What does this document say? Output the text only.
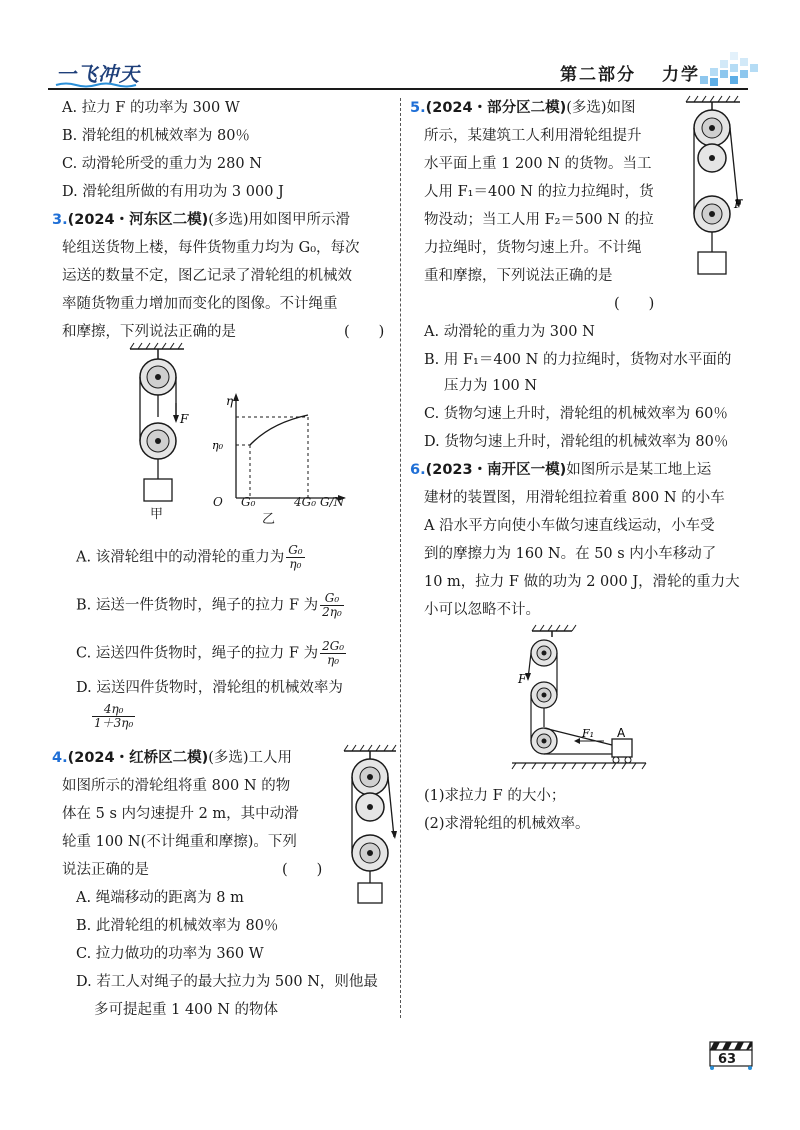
一飞冲天	第二部分 力学
A. 拉力 F 的功率为 300 W
B. 滑轮组的机械效率为 80％
C. 动滑轮所受的重力为 280 N
D. 滑轮组所做的有用功为 3 000 J
3.(2024・河东区二模)(多选)用如图甲所示滑
轮组送货物上楼，每件货物重力均为 G₀，每次
运送的数量不定，图乙记录了滑轮组的机械效
率随货物重力增加而变化的图像。不计绳重
和摩擦，下列说法正确的是	(　　)
F
甲
η
η₀
O G₀	4G₀ G/N
乙
A. 该滑轮组中的动滑轮的重力为 $\frac{\text{G₀}}{\text{η₀}}$
B. 运送一件货物时，绳子的拉力 F 为 $\frac{\text{G₀}}{\text{2η₀}}$
C. 运送四件货物时，绳子的拉力 F 为 $\frac{\text{2G₀}}{\text{η₀}}$
D. 运送四件货物时，滑轮组的机械效率为
$\frac{\text{4η₀}}{\text{1＋3η₀}}$
4.(2024・红桥区二模)(多选)工人用
如图所示的滑轮组将重 800 N 的物
体在 5 s 内匀速提升 2 m，其中动滑
轮重 100 N(不计绳重和摩擦)。下列
说法正确的是	(　　)
A. 绳端移动的距离为 8 m
B. 此滑轮组的机械效率为 80％
C. 拉力做功的功率为 360 W
D. 若工人对绳子的最大拉力为 500 N，则他最
多可提起重 1 400 N 的物体
5.(2024・部分区二模)(多选)如图
所示，某建筑工人利用滑轮组提升
水平面上重 1 200 N 的货物。当工
人用 F₁＝400 N 的拉力拉绳时，货
物没动；当工人用 F₂＝500 N 的拉
力拉绳时，货物匀速上升。不计绳
重和摩擦，下列说法正确的是
(　　)
F
A. 动滑轮的重力为 300 N
B. 用 F₁＝400 N 的力拉绳时，货物对水平面的
压力为 100 N
C. 货物匀速上升时，滑轮组的机械效率为 60％
D. 货物匀速上升时，滑轮组的机械效率为 80％
6.(2023・南开区一模)如图所示是某工地上运
建材的装置图，用滑轮组拉着重 800 N 的小车
A 沿水平方向使小车做匀速直线运动，小车受
到的摩擦力为 160 N。在 50 s 内小车移动了
10 m，拉力 F 做的功为 2 000 J，滑轮的重力大
小可以忽略不计。
F
F₁ A
(1)求拉力 F 的大小；
(2)求滑轮组的机械效率。
63
